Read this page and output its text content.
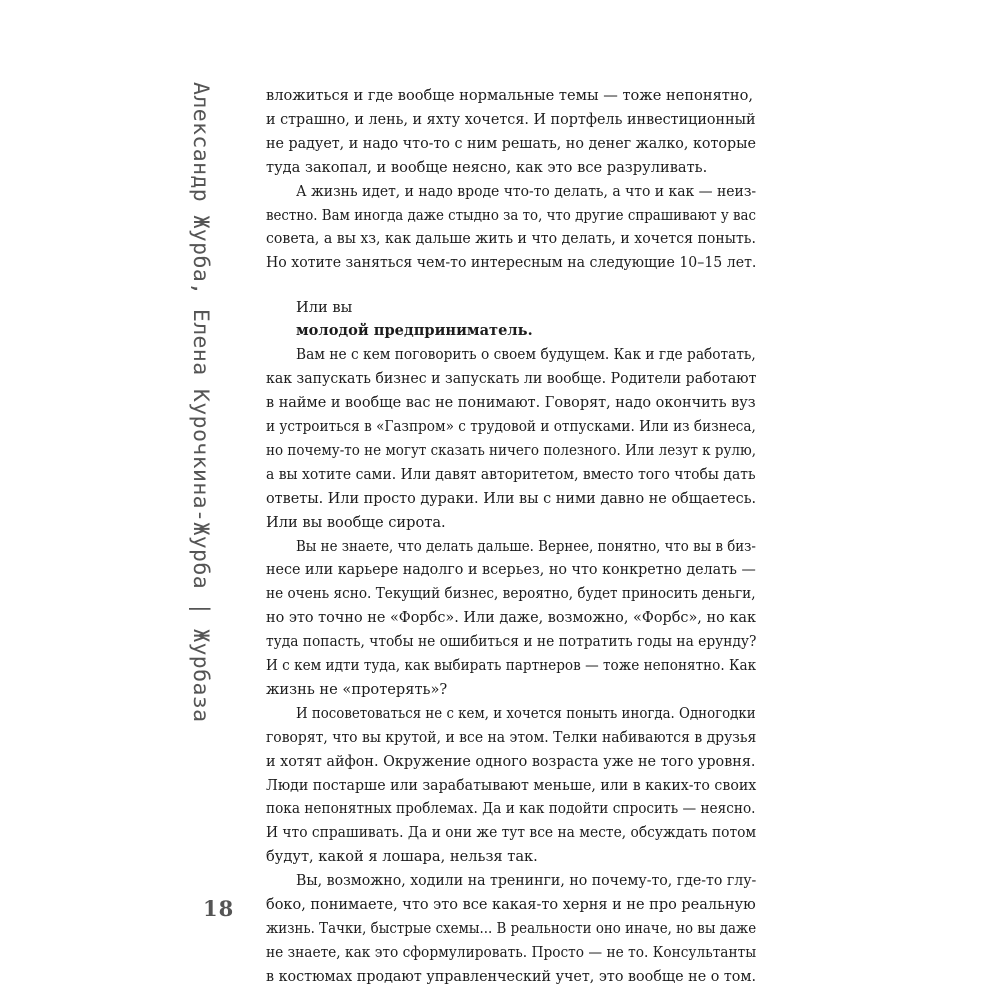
Александр Журба, Елена Курочкина-Журба | Журбаза
18
вложиться и где вообще нормальные темы — тоже непонятно,
и страшно, и лень, и яхту хочется. И портфель инвестиционный
не радует, и надо что-то с ним решать, но денег жалко, которые
туда закопал, и вообще неясно, как это все разруливать.
А жизнь идет, и надо вроде что-то делать, а что и как — неиз-
вестно. Вам иногда даже стыдно за то, что другие спрашивают у вас
совета, а вы хз, как дальше жить и что делать, и хочется поныть.
Но хотите заняться чем-то интересным на следующие 10–15 лет.
Или вы
молодой предприниматель.
Вам не с кем поговорить о своем будущем. Как и где работать,
как запускать бизнес и запускать ли вообще. Родители работают
в найме и вообще вас не понимают. Говорят, надо окончить вуз
и устроиться в «Газпром» с трудовой и отпусками. Или из бизнеса,
но почему-то не могут сказать ничего полезного. Или лезут к рулю,
а вы хотите сами. Или давят авторитетом, вместо того чтобы дать
ответы. Или просто дураки. Или вы с ними давно не общаетесь.
Или вы вообще сирота.
Вы не знаете, что делать дальше. Вернее, понятно, что вы в биз-
несе или карьере надолго и всерьез, но что конкретно делать —
не очень ясно. Текущий бизнес, вероятно, будет приносить деньги,
но это точно не «Форбс». Или даже, возможно, «Форбс», но как
туда попасть, чтобы не ошибиться и не потратить годы на ерунду?
И с кем идти туда, как выбирать партнеров — тоже непонятно. Как
жизнь не «протерять»?
И посоветоваться не с кем, и хочется поныть иногда. Одногодки
говорят, что вы крутой, и все на этом. Телки набиваются в друзья
и хотят айфон. Окружение одного возраста уже не того уровня.
Люди постарше или зарабатывают меньше, или в каких-то своих
пока непонятных проблемах. Да и как подойти спросить — неясно.
И что спрашивать. Да и они же тут все на месте, обсуждать потом
будут, какой я лошара, нельзя так.
Вы, возможно, ходили на тренинги, но почему-то, где-то глу-
боко, понимаете, что это все какая-то херня и не про реальную
жизнь. Тачки, быстрые схемы... В реальности оно иначе, но вы даже
не знаете, как это сформулировать. Просто — не то. Консультанты
в костюмах продают управленческий учет, это вообще не о том.
